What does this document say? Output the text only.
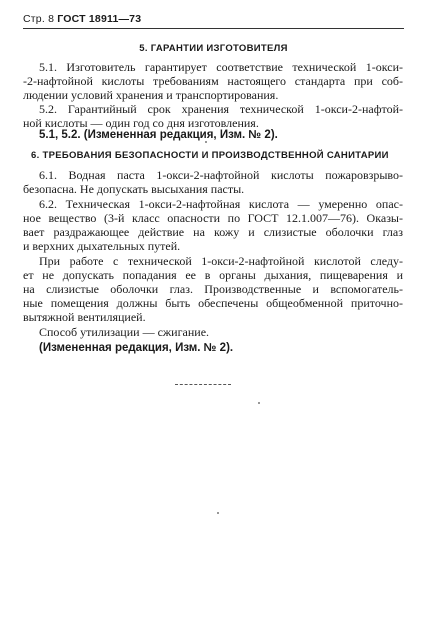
Стр. 8 ГОСТ 18911—73
5. ГАРАНТИИ ИЗГОТОВИТЕЛЯ
5.1. Изготовитель гарантирует соответствие технической 1-окси-
-2-нафтойной кислоты требованиям настоящего стандарта при соб-
людении условий хранения и транспортирования.
5.2. Гарантийный срок хранения технической 1-окси-2-нафтой-
ной кислоты — один год со дня изготовления.
5.1, 5.2. (Измененная редакция, Изм. № 2).
6. ТРЕБОВАНИЯ БЕЗОПАСНОСТИ И ПРОИЗВОДСТВЕННОЙ САНИТАРИИ
6.1. Водная паста 1-окси-2-нафтойной кислоты пожаровзрыво-
безопасна. Не допускать высыхания пасты.
6.2. Техническая 1-окси-2-нафтойная кислота — умеренно опас-
ное вещество (3-й класс опасности по ГОСТ 12.1.007—76). Оказы-
вает раздражающее действие на кожу и слизистые оболочки глаз
и верхних дыхательных путей.
При работе с технической 1-окси-2-нафтойной кислотой следу-
ет не допускать попадания ее в органы дыхания, пищеварения и
на слизистые оболочки глаз. Производственные и вспомогатель-
ные помещения должны быть обеспечены общеобменной приточно-
вытяжной вентиляцией.
Способ утилизации — сжигание.
(Измененная редакция, Изм. № 2).
